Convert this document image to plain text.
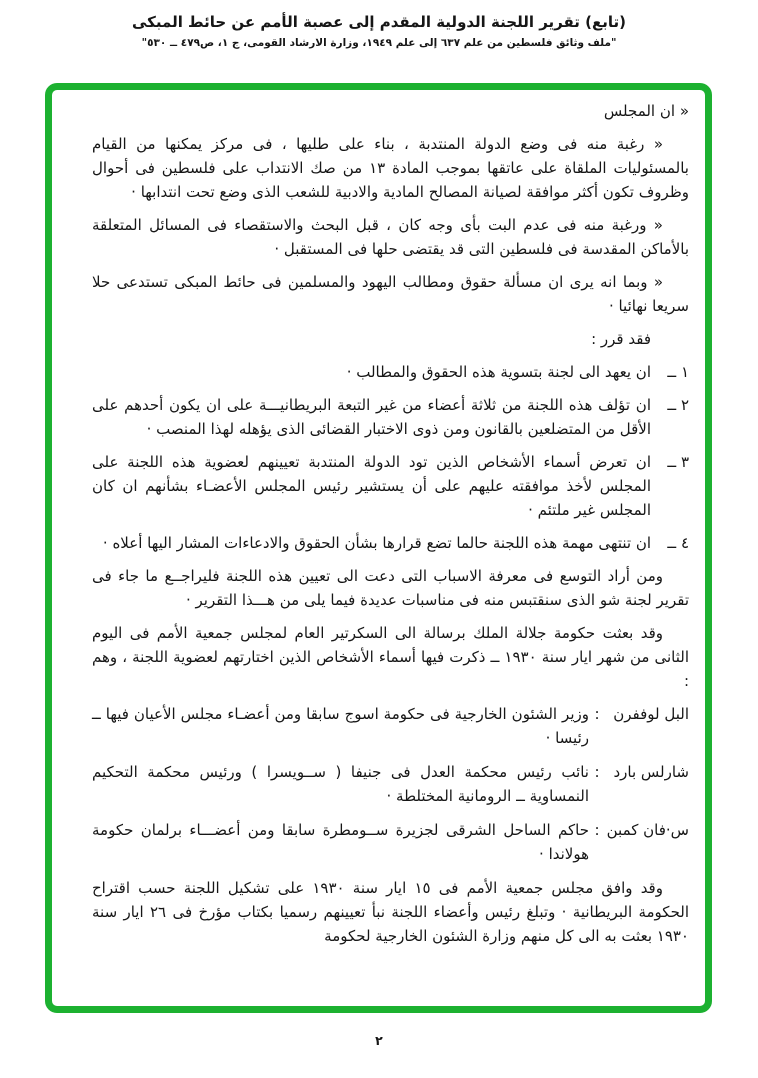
(تابع) تقرير اللجنة الدولية المقدم إلى عصبة الأمم عن حائط المبكى
"ملف وثائق فلسطين من علم ٦٣٧ إلى علم ١٩٤٩، وزارة الارشاد القومى، ج ١، ص٤٧٩ ــ ٥٣٠"

« ان المجلس

« رغبة منه فى وضع الدولة المنتدبة ، بناء على طليها ، فى مركز يمكنها من القيام بالمسئوليات الملقاة على عاتقها بموجب المادة ١٣ من صك الانتداب على فلسطين فى أحوال وظروف تكون أكثر موافقة لصيانة المصالح المادية والادبية للشعب الذى وضع تحت انتدابها ·

« ورغبة منه فى عدم البت بأى وجه كان ، قبل البحث والاستقصاء فى المسائل المتعلقة بالأماكن المقدسة فى فلسطين التى قد يقتضى حلها فى المستقبل ·

« وبما انه يرى ان مسألة حقوق ومطالب اليهود والمسلمين فى حائط المبكى تستدعى حلا سريعا نهائيا ·

فقد قرر :

١ ــ
ان يعهد الى لجنة بتسوية هذه الحقوق والمطالب ·
٢ ــ
ان تؤلف هذه اللجنة من ثلاثة أعضاء من غير التبعة البريطانيـــة على ان يكون أحدهم على الأقل من المتضلعين بالقانون ومن ذوى الاختبار القضائى الذى يؤهله لهذا المنصب ·
٣ ــ
ان تعرض أسماء الأشخاص الذين تود الدولة المنتدبة تعيينهم لعضوية هذه اللجنة على المجلس لأخذ موافقته عليهم على أن يستشير رئيس المجلس الأعضـاء بشأنهم ان كان المجلس غير ملتئم ·
٤ ــ
ان تنتهى مهمة هذه اللجنة حالما تضع قرارها بشأن الحقوق والادعاءات المشار اليها أعلاه ·

ومن أراد التوسع فى معرفة الاسباب التى دعت الى تعيين هذه اللجنة فليراجــع ما جاء فى تقرير لجنة شو الذى سنقتبس منه فى مناسبات عديدة فيما يلى من هـــذا التقرير ·

وقد بعثت حكومة جلالة الملك برسالة الى السكرتير العام لمجلس جمعية الأمم فى اليوم الثانى من شهر ايار سنة ١٩٣٠ ــ ذكرت فيها أسماء الأشخاص الذين اختارتهم لعضوية اللجنة ، وهم :

البل لوففرن
:
وزير الشئون الخارجية فى حكومة اسوج سابقا ومن أعضـاء مجلس الأعيان فيها ــ رئيسا ·
شارلس بارد
:
نائب رئيس محكمة العدل فى جنيفا ( ســويسرا ) ورئيس محكمة التحكيم النمساوية ــ الرومانية المختلطة ·
س·فان كمبن
:
حاكم الساحل الشرقى لجزيرة ســومطرة سابقا ومن أعضـــاء برلمان حكومة هولاندا ·

وقد وافق مجلس جمعية الأمم فى ١٥ ايار سنة ١٩٣٠ على تشكيل اللجنة حسب اقتراح الحكومة البريطانية · وتبلغ رئيس وأعضاء اللجنة نبأ تعيينهم رسميا بكتاب مؤرخ فى ٢٦ ايار سنة ١٩٣٠ بعثت به الى كل منهم وزارة الشئون الخارجية لحكومة

٢
